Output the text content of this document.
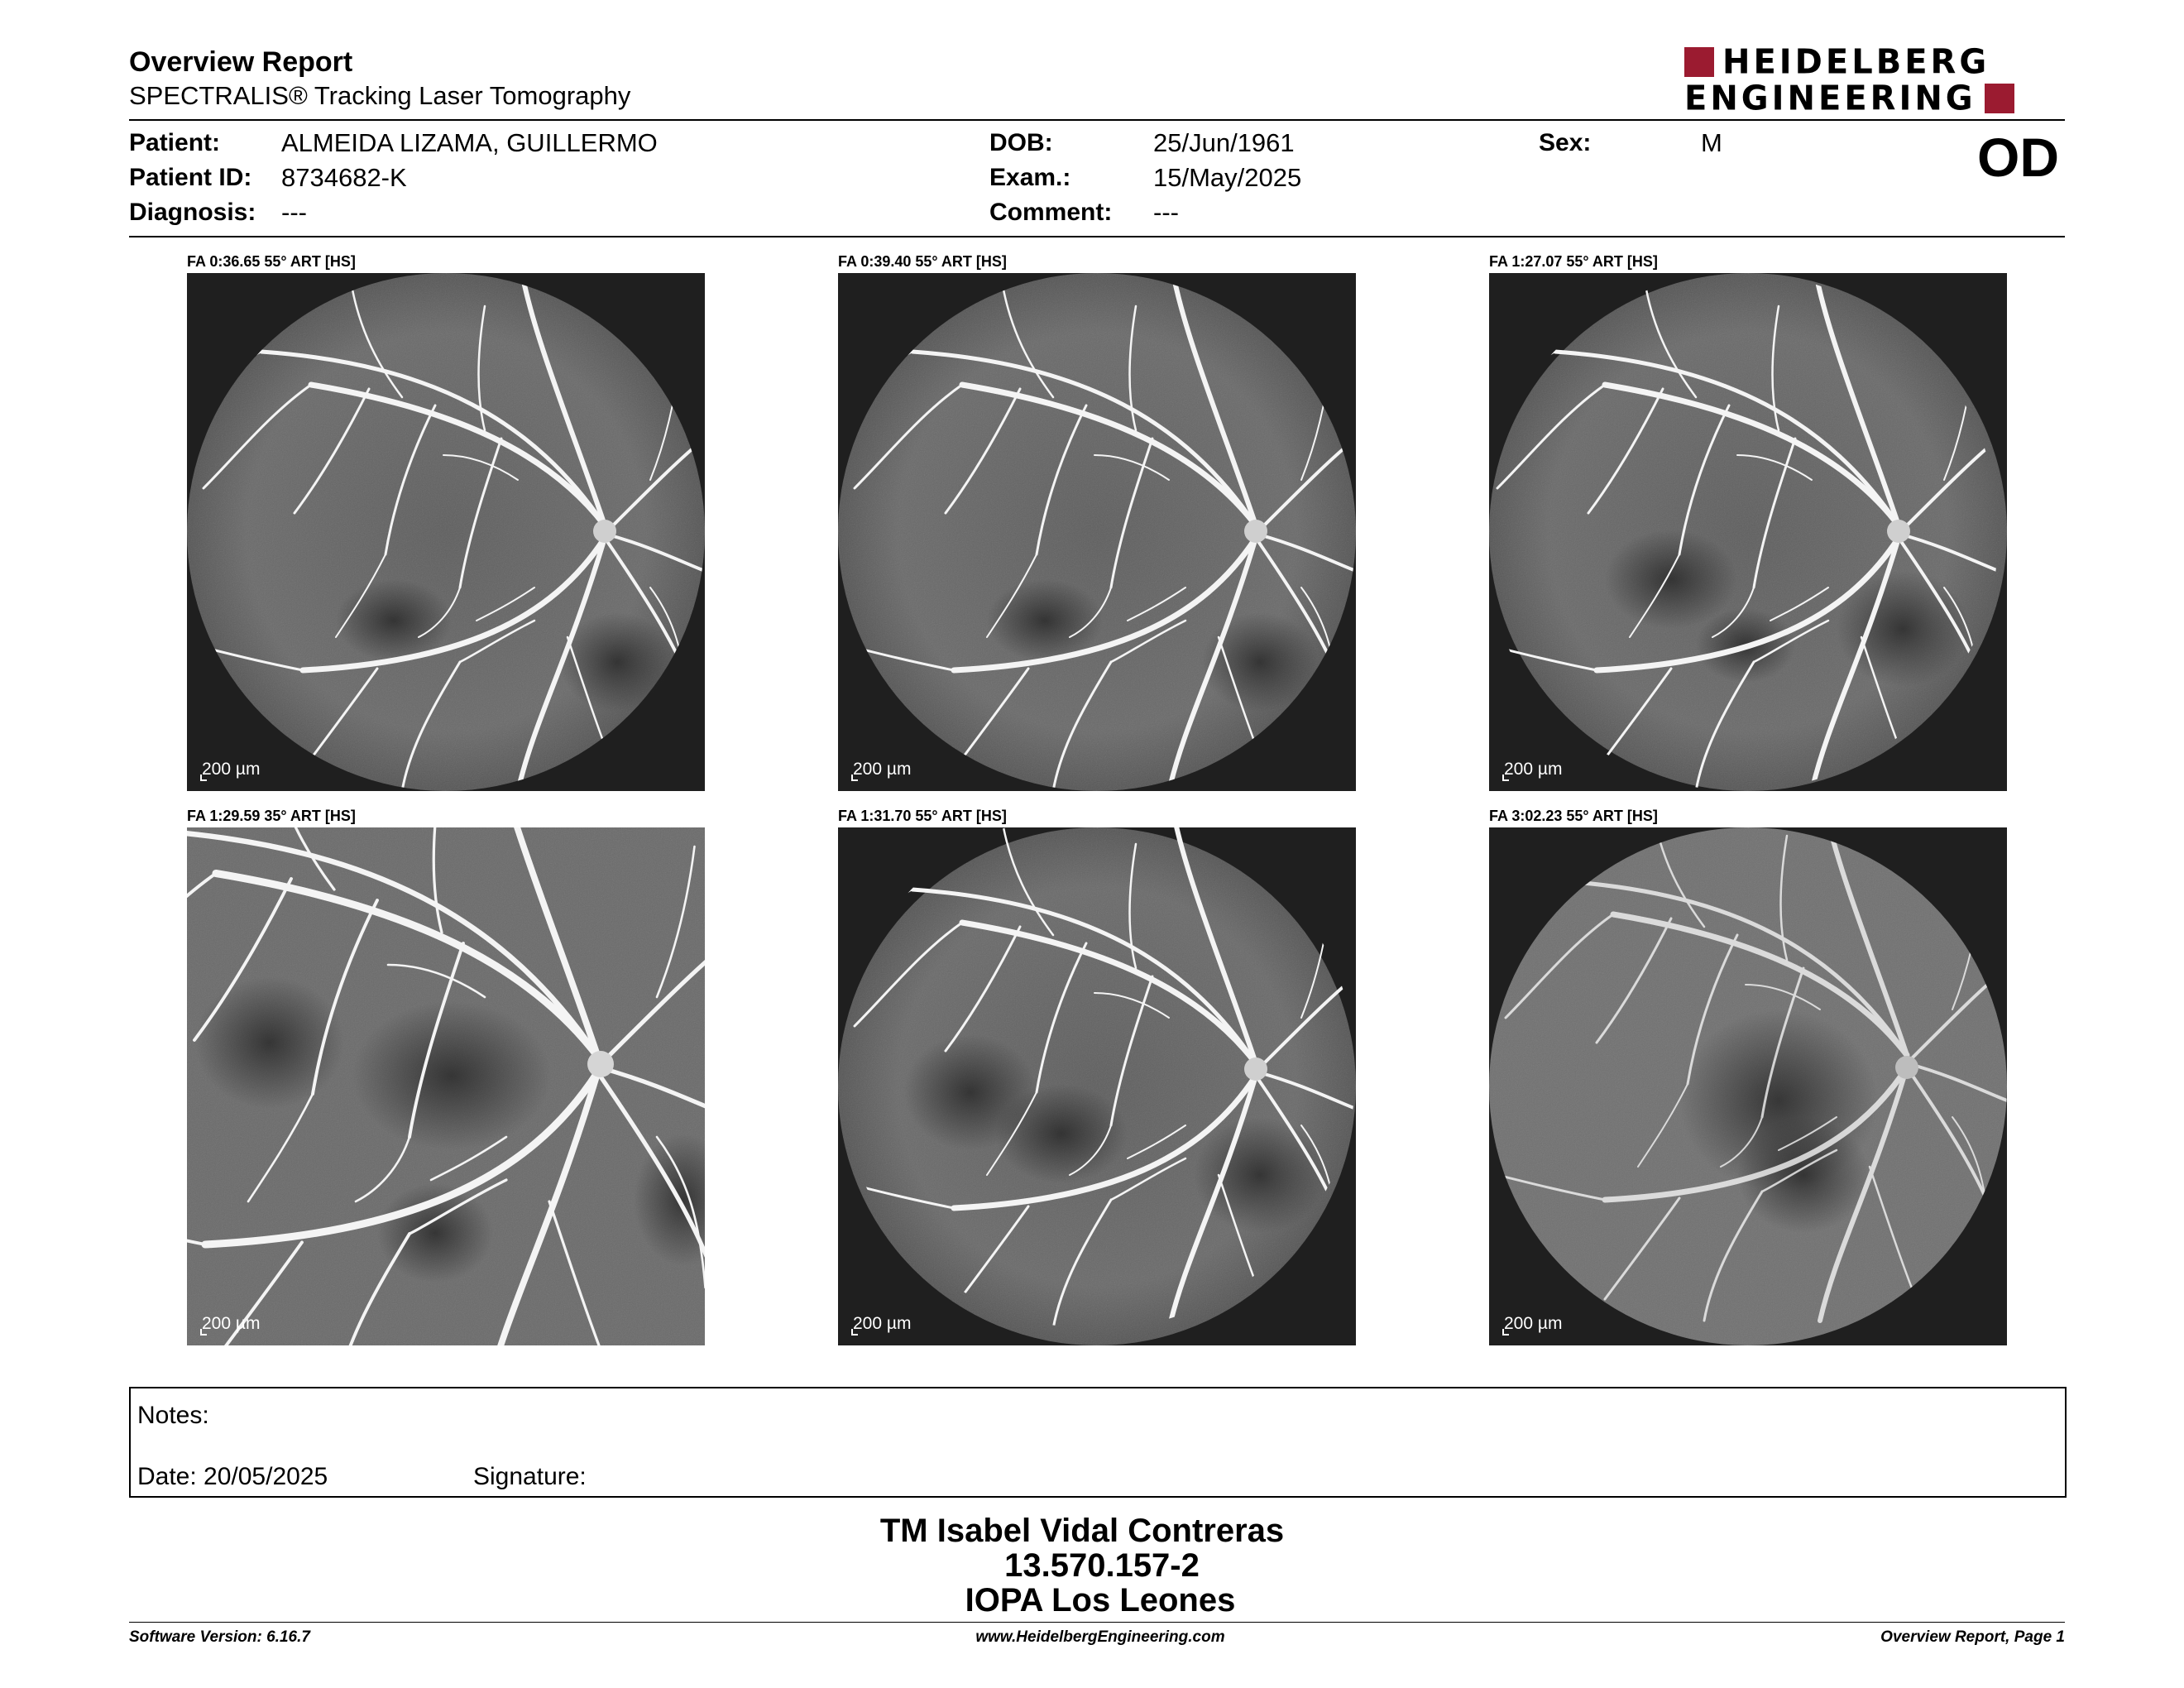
Overview Report
SPECTRALIS® Tracking Laser Tomography
HEIDELBERG
ENGINEERING
Patient: ALMEIDA LIZAMA, GUILLERMO
Patient ID: 8734682-K
Diagnosis: ---
DOB:	25/Jun/1961
Exam.:	15/May/2025
Comment: ---
Sex:	M	OD
FA 0:36.65 55° ART [HS]
200 µm
FA 0:39.40 55° ART [HS]
200 µm
FA 1:27.07 55° ART [HS]
200 µm
FA 1:29.59 35° ART [HS]
200 µm
FA 1:31.70 55° ART [HS]
200 µm
FA 3:02.23 55° ART [HS]
200 µm
Notes:
Date: 20/05/2025	Signature:
TM Isabel Vidal Contreras
13.570.157-2
IOPA Los Leones
Software Version: 6.16.7	www.HeidelbergEngineering.com	Overview Report, Page 1
